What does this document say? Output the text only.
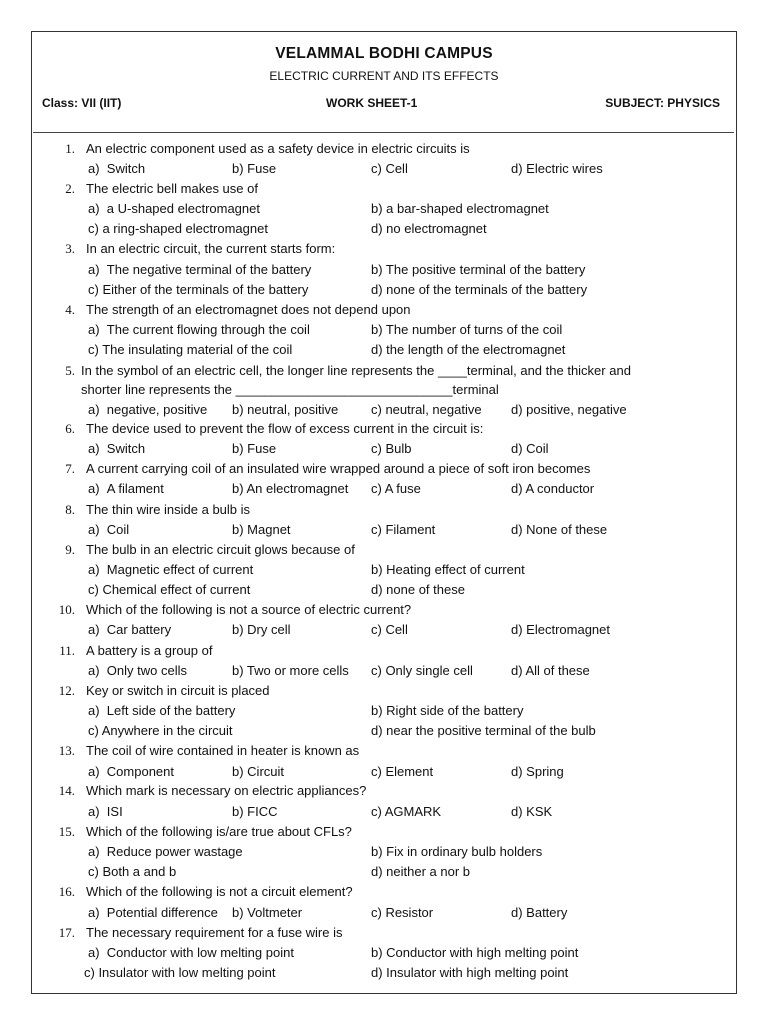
VELAMMAL BODHI CAMPUS
ELECTRIC CURRENT AND ITS EFFECTS
Class: VII (IIT)	WORK SHEET-1	SUBJECT: PHYSICS
1. An electric component used as a safety device in electric circuits is
a)  Switch	b) Fuse	c) Cell	d) Electric wires
2. The electric bell makes use of
a)  a U-shaped electromagnet	b) a bar-shaped electromagnet
c) a ring-shaped electromagnet	d) no electromagnet
3. In an electric circuit, the current starts form:
a)  The negative terminal of the battery	b) The positive terminal of the battery
c) Either of the terminals of the battery	d) none of the terminals of the battery
4. The strength of an electromagnet does not depend upon
a)  The current flowing through the coil	b) The number of turns of the coil
c) The insulating material of the coil	d) the length of the electromagnet
5. In the symbol of an electric cell, the longer line represents the ____terminal, and the thicker and
shorter line represents the ______________________________terminal
a)  negative, positive b) neutral, positive	c) neutral, negative d) positive, negative
6. The device used to prevent the flow of excess current in the circuit is:
a)  Switch	b) Fuse	c) Bulb	d) Coil
7. A current carrying coil of an insulated wire wrapped around a piece of soft iron becomes
a)  A filament	b) An electromagnet c) A fuse	d) A conductor
8. The thin wire inside a bulb is
a)  Coil	b) Magnet	c) Filament	d) None of these
9. The bulb in an electric circuit glows because of
a)  Magnetic effect of current	b) Heating effect of current
c) Chemical effect of current	d) none of these
10. Which of the following is not a source of electric current?
a)  Car battery	b) Dry cell	c) Cell	d) Electromagnet
11. A battery is a group of
a)  Only two cells	b) Two or more cells c) Only single cell	d) All of these
12. Key or switch in circuit is placed
a)  Left side of the battery	b) Right side of the battery
c) Anywhere in the circuit	d) near the positive terminal of the bulb
13. The coil of wire contained in heater is known as
a)  Component	b) Circuit	c) Element	d) Spring
14. Which mark is necessary on electric appliances?
a)  ISI	b) FICC	c) AGMARK	d) KSK
15. Which of the following is/are true about CFLs?
a)  Reduce power wastage	b) Fix in ordinary bulb holders
c) Both a and b	d) neither a nor b
16. Which of the following is not a circuit element?
a)  Potential difference b) Voltmeter	c) Resistor	d) Battery
17. The necessary requirement for a fuse wire is
a)  Conductor with low melting point	b) Conductor with high melting point
c) Insulator with low melting point	d) Insulator with high melting point
